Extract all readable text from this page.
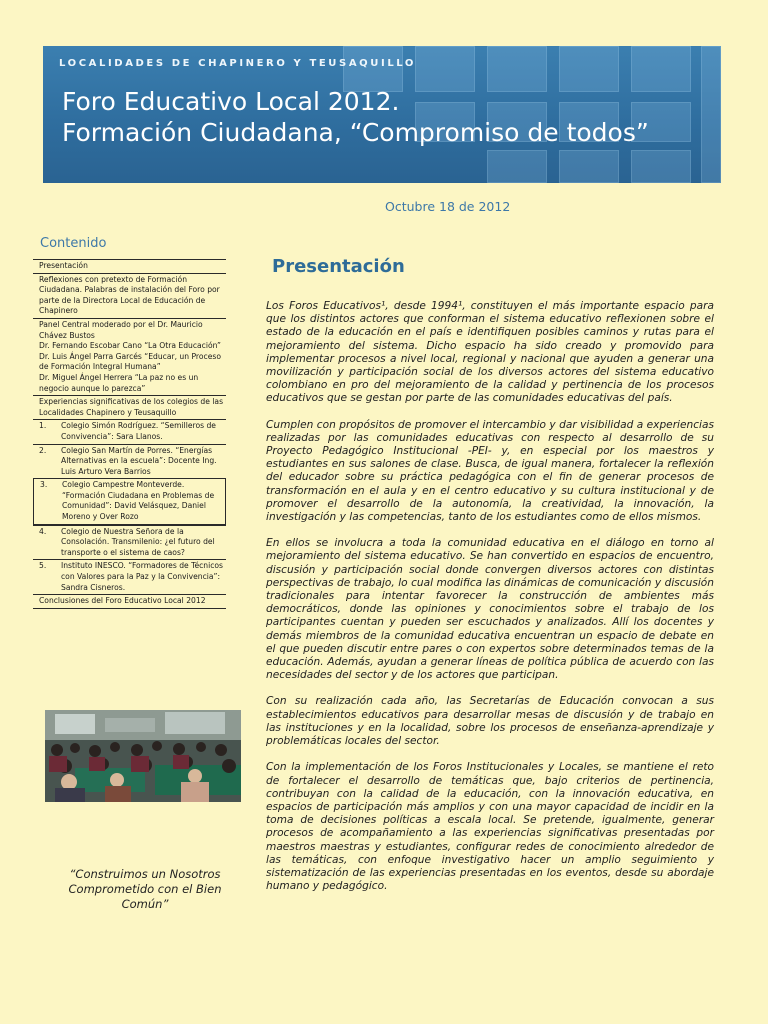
LOCALIDADES DE CHAPINERO Y TEUSAQUILLO
Foro Educativo Local 2012.
Formación Ciudadana, “Compromiso de todos”
Octubre 18 de 2012
Contenido
Presentación
Reflexiones con pretexto de Formación Ciudadana. Palabras de instalación del Foro por parte de la Directora Local de Educación de Chapinero
Panel Central moderado por el Dr. Mauricio Chávez Bustos
Dr. Fernando Escobar Cano “La Otra Educación”
Dr. Luis Ángel Parra Garcés “Educar, un Proceso de Formación Integral Humana”
Dr. Miguel Ángel Herrera “La paz no es un negocio aunque lo parezca”
Experiencias significativas de los colegios de las Localidades Chapinero y Teusaquillo
1.	Colegio Simón Rodríguez. “Semilleros de Convivencia”: Sara Llanos.
2.	Colegio San Martín de Porres. “Energías Alternativas en la escuela”: Docente Ing. Luis Arturo Vera Barrios
3.	Colegio Campestre Monteverde. “Formación Ciudadana en Problemas de Comunidad”: David Velásquez, Daniel Moreno y Over Rozo
4.	Colegio de Nuestra Señora de la Consolación. Transmilenio: ¿el futuro del transporte o el sistema de caos?
5.	Instituto INESCO. “Formadores de Técnicos con Valores para la Paz y la Convivencia”: Sandra Cisneros.
Conclusiones del Foro Educativo Local 2012
“Construimos un Nosotros Comprometido con el Bien Común”
Presentación

Los Foros Educativos¹, desde 1994¹, constituyen el más importante espacio para que los distintos actores que conforman el sistema educativo reflexionen sobre el estado de la educación en el país e identifiquen posibles caminos y rutas para el mejoramiento del sistema. Dicho espacio ha sido creado y promovido para implementar procesos a nivel local, regional y nacional que ayuden a generar una movilización y participación social de los diversos actores del sistema educativo colombiano en pro del mejoramiento de la calidad y pertinencia de los procesos educativos que se gestan por parte de las comunidades educativas del país.

Cumplen con propósitos de promover el intercambio y dar visibilidad a experiencias realizadas por las comunidades educativas con respecto al desarrollo de su Proyecto Pedagógico Institucional -PEI- y, en especial por los maestros y estudiantes en sus salones de clase. Busca, de igual manera, fortalecer la reflexión del educador sobre su práctica pedagógica con el fin de generar procesos de transformación en el aula y en el centro educativo y su cultura institucional y de promover el desarrollo de la autonomía, la creatividad, la innovación, la investigación y las competencias, tanto de los estudiantes como de ellos mismos.

En ellos se involucra a toda la comunidad educativa en el diálogo en torno al mejoramiento del sistema educativo. Se han convertido en espacios de encuentro, discusión y participación social donde convergen diversos actores con distintas perspectivas de trabajo, lo cual modifica las dinámicas de comunicación y discusión tradicionales para intentar favorecer la construcción de ambientes más democráticos, donde las opiniones y conocimientos sobre el trabajo de los participantes cuentan y pueden ser escuchados y analizados. Allí los docentes y demás miembros de la comunidad educativa encuentran un espacio de debate en el que pueden discutir entre pares o con expertos sobre determinados temas de la educación. Además, ayudan a generar líneas de política pública de acuerdo con las necesidades del sector y de los actores que participan.

Con su realización cada año, las Secretarías de Educación convocan a sus establecimientos educativos para desarrollar mesas de discusión y de trabajo en las instituciones y en la localidad, sobre los procesos de enseñanza-aprendizaje y problemáticas locales del sector.

Con la implementación de los Foros Institucionales y Locales, se mantiene el reto de fortalecer el desarrollo de temáticas que, bajo criterios de pertinencia, contribuyan con la calidad de la educación, con la innovación educativa, en espacios de participación más amplios y con una mayor capacidad de incidir en la toma de decisiones políticas a escala local. Se pretende, igualmente, generar procesos de acompañamiento a las experiencias significativas presentadas por maestros maestras y estudiantes, configurar redes de conocimiento alrededor de las temáticas, con enfoque investigativo hacer un amplio seguimiento y sistematización de las experiencias presentadas en los eventos, desde su abordaje humano y pedagógico.
